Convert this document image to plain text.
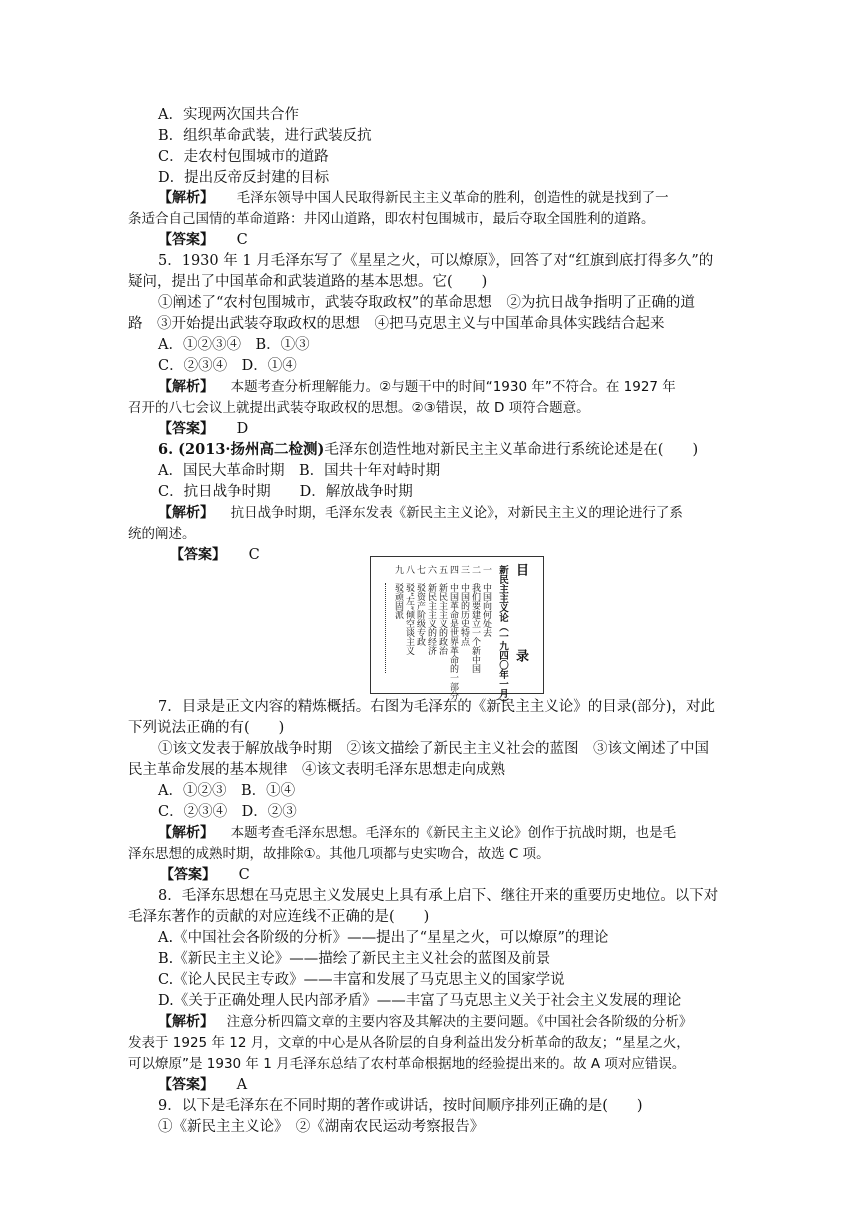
A．实现两次国共合作
B．组织革命武装，进行武装反抗
C．走农村包围城市的道路
D．提出反帝反封建的目标
【解析】 毛泽东领导中国人民取得新民主主义革命的胜利，创造性的就是找到了一
条适合自己国情的革命道路：井冈山道路，即农村包围城市，最后夺取全国胜利的道路。
【答案】 C
5．1930 年 1 月毛泽东写了《星星之火，可以燎原》，回答了对“红旗到底打得多久”的
疑问，提出了中国革命和武装道路的基本思想。它(　　)
①阐述了“农村包围城市，武装夺取政权”的革命思想　②为抗日战争指明了正确的道
路　③开始提出武装夺取政权的思想　④把马克思主义与中国革命具体实践结合起来
A．①②③④　B．①③
C．②③④　D．①④
【解析】 本题考查分析理解能力。②与题干中的时间“1930 年”不符合。在 1927 年
召开的八七会议上就提出武装夺取政权的思想。②③错误，故 D 项符合题意。
【答案】 D
6. (2013·扬州高二检测)毛泽东创造性地对新民主主义革命进行系统论述是在(　　)
A．国民大革命时期　B．国共十年对峙时期
C．抗日战争时期　　D．解放战争时期
【解析】 抗日战争时期，毛泽东发表《新民主主义论》，对新民主主义的理论进行了系
统的阐述。
【答案】 C
目　录
新民主主义论（一九四〇年一月）
一　中国向何处去
二　我们要建立一个新中国
三　中国的历史特点
四　中国革命是世界革命的一部分
五　新民主主义的政治
六　新民主主义的经济
七　驳资产阶级专政
八　驳“左”倾空谈主义
九　驳顽固派
7．目录是正文内容的精炼概括。右图为毛泽东的《新民主主义论》的目录(部分)，对此
下列说法正确的有(　　)
①该文发表于解放战争时期　②该文描绘了新民主主义社会的蓝图　③该文阐述了中国
民主革命发展的基本规律　④该文表明毛泽东思想走向成熟
A．①②③　B．①④
C．②③④　D．②③
【解析】 本题考查毛泽东思想。毛泽东的《新民主主义论》创作于抗战时期，也是毛
泽东思想的成熟时期，故排除①。其他几项都与史实吻合，故选 C 项。
【答案】 C
8．毛泽东思想在马克思主义发展史上具有承上启下、继往开来的重要历史地位。以下对
毛泽东著作的贡献的对应连线不正确的是(　　)
A.《中国社会各阶级的分析》——提出了“星星之火，可以燎原”的理论
B.《新民主主义论》——描绘了新民主主义社会的蓝图及前景
C.《论人民民主专政》——丰富和发展了马克思主义的国家学说
D.《关于正确处理人民内部矛盾》——丰富了马克思主义关于社会主义发展的理论
【解析】 注意分析四篇文章的主要内容及其解决的主要问题。《中国社会各阶级的分析》
发表于 1925 年 12 月，文章的中心是从各阶层的自身利益出发分析革命的敌友；“星星之火，
可以燎原”是 1930 年 1 月毛泽东总结了农村革命根据地的经验提出来的。故 A 项对应错误。
【答案】 A
9．以下是毛泽东在不同时期的著作或讲话，按时间顺序排列正确的是(　　)
①《新民主主义论》　②《湖南农民运动考察报告》
